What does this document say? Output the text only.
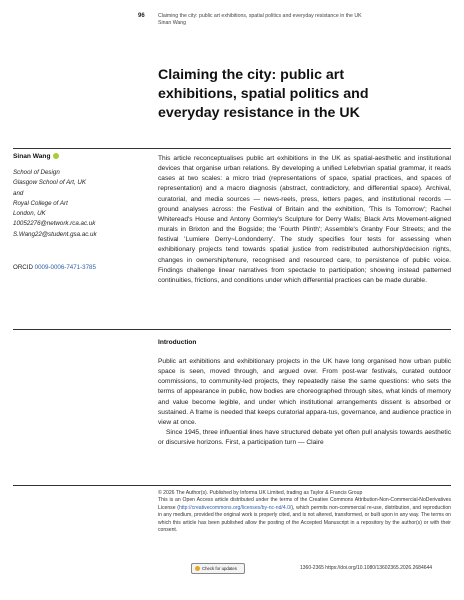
96	Claiming the city: public art exhibitions, spatial politics and everyday resistance in the UK
Sinan Wang
Claiming the city: public art exhibitions, spatial politics and everyday resistance in the UK
Sinan Wang
School of Design
Glasgow School of Art, UK
and
Royal College of Art
London, UK
10052276@network.rca.ac.uk
S.Wang22@student.gsa.ac.uk
ORCID 0009-0006-7471-3785
This article reconceptualises public art exhibitions in the UK as spatial-aesthetic and institutional devices that organise urban relations. By developing a unified Lefebvrian spatial grammar, it reads cases at two scales: a micro triad (representations of space, spatial practices, and spaces of representation) and a macro diagnosis (abstract, contradictory, and differential space). Archival, curatorial, and media sources — news-reels, press, letters pages, and institutional records — ground analyses across: the Festival of Britain and the exhibition, 'This Is Tomorrow'; Rachel Whiteread's House and Antony Gormley's Sculpture for Derry Walls; Black Arts Movement-aligned murals in Brixton and the Bogside; the 'Fourth Plinth'; Assemble's Granby Four Streets; and the festival 'Lumiere Derry~Londonderry'. The study specifies four tests for assessing when exhibitionary projects tend towards spatial justice from redistributed authorship/decision rights, changes in ownership/tenure, recognised and resourced care, to persistence of public voice. Findings challenge linear narratives from spectacle to participation; showing instead patterned continuities, frictions, and conditions under which differential practices can be made durable.
Introduction

Public art exhibitions and exhibitionary projects in the UK have long organised how urban public space is seen, moved through, and argued over. From post-war festivals, curated outdoor commissions, to community-led projects, they repeatedly raise the same questions: who sets the terms of appearance in public, how bodies are choreographed through sites, what kinds of memory and value become legible, and under which institutional arrangements dissent is absorbed or sustained. A frame is needed that keeps curatorial appara-tus, governance, and audience practice in view at once.

Since 1945, three influential lines have structured debate yet often pull analysis towards aesthetic or discursive horizons. First, a participation turn — Claire

© 2026 The Author(s). Published by Informa UK Limited, trading as Taylor & Francis Group
This is an Open Access article distributed under the terms of the Creative Commons Attribution-Non-Commercial-NoDerivatives License (http://creativecommons.org/licenses/by-nc-nd/4.0/), which permits non-commercial re-use, distribution, and reproduction in any medium, provided the original work is properly cited, and is not altered, transformed, or built upon in any way. The terms on which this article has been published allow the posting of the Accepted Manuscript in a repository by the author(s) or with their consent.
Check for updates	1360-2365 https://doi.org/10.1080/13602365.2026.2684644
